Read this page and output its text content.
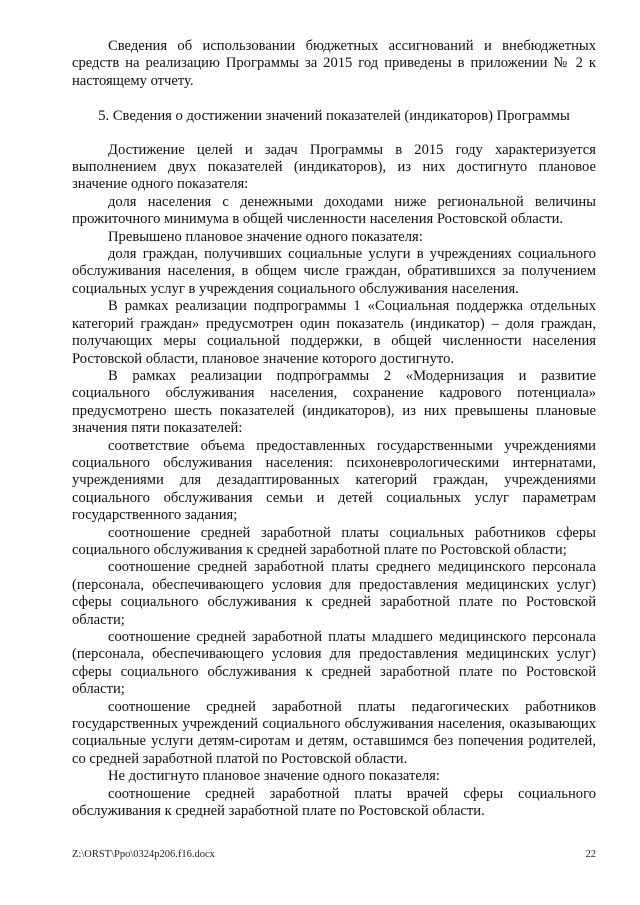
Сведения об использовании бюджетных ассигнований и внебюджетных средств на реализацию Программы за 2015 год приведены в приложении № 2 к настоящему отчету.

5. Сведения о достижении значений показателей (индикаторов) Программы

Достижение целей и задач Программы в 2015 году характеризуется выполнением двух показателей (индикаторов), из них достигнуто плановое значение одного показателя:

доля населения с денежными доходами ниже региональной величины прожиточного минимума в общей численности населения Ростовской области.

Превышено плановое значение одного показателя:

доля граждан, получивших социальные услуги в учреждениях социального обслуживания населения, в общем числе граждан, обратившихся за получением социальных услуг в учреждения социального обслуживания населения.

В рамках реализации подпрограммы 1 «Социальная поддержка отдельных категорий граждан» предусмотрен один показатель (индикатор) – доля граждан, получающих меры социальной поддержки, в общей численности населения Ростовской области, плановое значение которого достигнуто.

В рамках реализации подпрограммы 2 «Модернизация и развитие социального обслуживания населения, сохранение кадрового потенциала» предусмотрено шесть показателей (индикаторов), из них превышены плановые значения пяти показателей:

соответствие объема предоставленных государственными учреждениями социального обслуживания населения: психоневрологическими интернатами, учреждениями для дезадаптированных категорий граждан, учреждениями социального обслуживания семьи и детей социальных услуг параметрам государственного задания;

соотношение средней заработной платы социальных работников сферы социального обслуживания к средней заработной плате по Ростовской области;

соотношение средней заработной платы среднего медицинского персонала (персонала, обеспечивающего условия для предоставления медицинских услуг) сферы социального обслуживания к средней заработной плате по Ростовской области;

соотношение средней заработной платы младшего медицинского персонала (персонала, обеспечивающего условия для предоставления медицинских услуг) сферы социального обслуживания к средней заработной плате по Ростовской области;

соотношение средней заработной платы педагогических работников государственных учреждений социального обслуживания населения, оказывающих социальные услуги детям-сиротам и детям, оставшимся без попечения родителей, со средней заработной платой по Ростовской области.

Не достигнуто плановое значение одного показателя:

соотношение средней заработной платы врачей сферы социального обслуживания к средней заработной плате по Ростовской области.

Z:\ORST\Ppo\0324p206.f16.docx	22
